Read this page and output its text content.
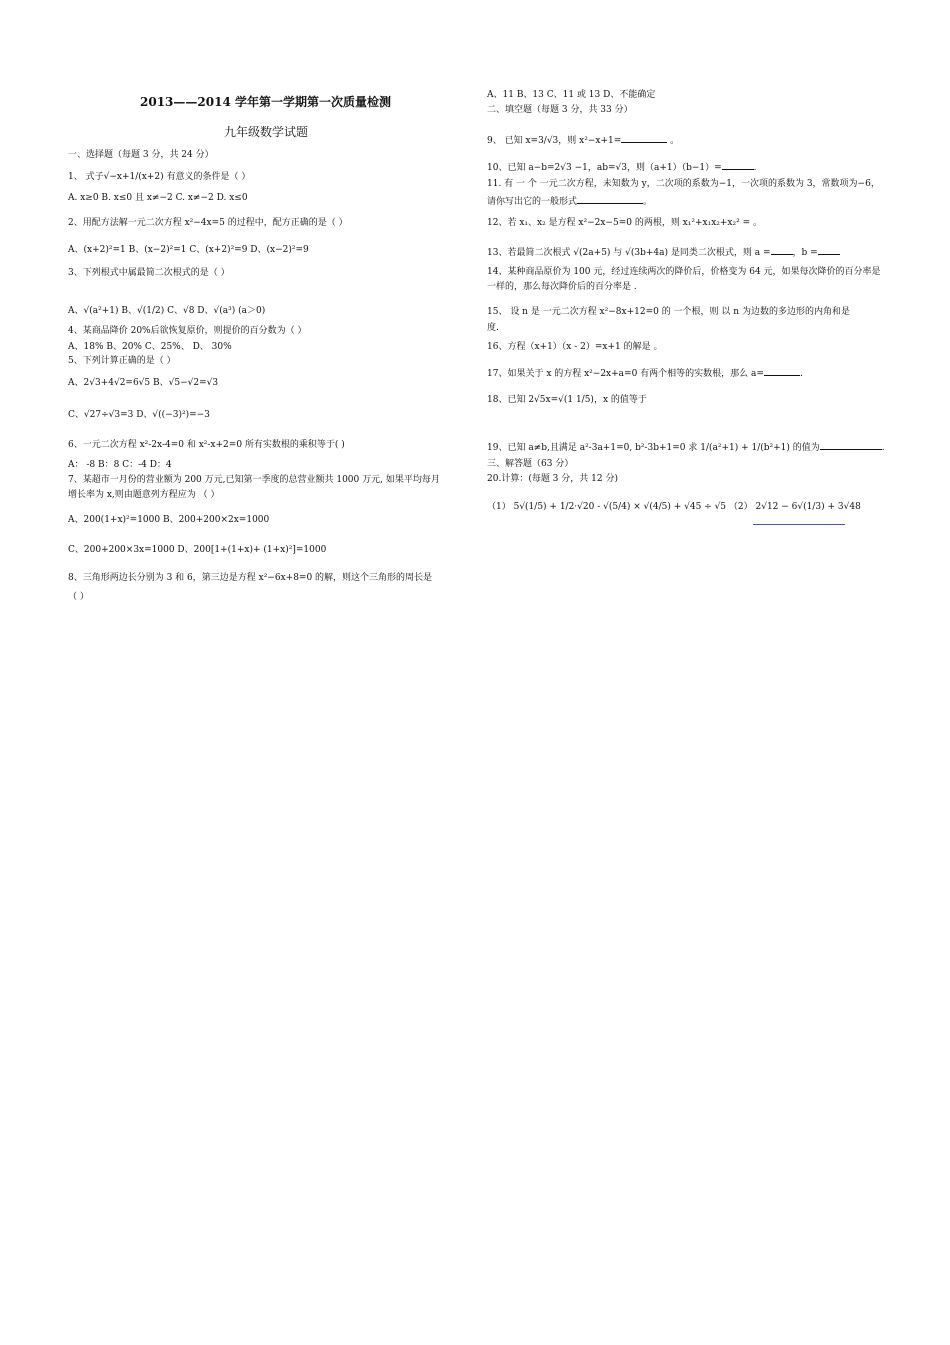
2013——2014 学年第一学期第一次质量检测
九年级数学试题
一、选择题（每题 3 分，共 24 分）
1、 式子√−x+1/(x+2) 有意义的条件是（ ）
A. x≥0 B. x≤0 且 x≠−2 C. x≠−2 D. x≤0
2、用配方法解一元二次方程 x²−4x=5 的过程中，配方正确的是（ ）
A、(x+2)²=1 B、(x−2)²=1 C、(x+2)²=9 D、(x−2)²=9
3、下列根式中属最简二次根式的是（ ）
A、√(a²+1) B、√(1/2) C、√8 D、√(a³) (a＞0)
4、某商品降价 20%后欲恢复原价，则提价的百分数为（ ）
A、18% B、20% C、25%、 D、 30%
5、下列计算正确的是（ ）
A、2√3+4√2=6√5 B、√5−√2=√3
C、√27÷√3=3 D、√((−3)²)=−3
6、一元二次方程 x²-2x-4=0 和 x²-x+2=0 所有实数根的乘积等于( )
A： -8 B：8 C：-4 D：4
7、某超市一月份的营业额为 200 万元,已知第一季度的总营业额共 1000 万元, 如果平均每月
增长率为 x,则由题意列方程应为 （ ）
A、200(1+x)²=1000 B、200+200×2x=1000
C、200+200×3x=1000 D、200[1+(1+x)+ (1+x)²]=1000
8、三角形两边长分别为 3 和 6，第三边是方程 x²−6x+8=0 的解，则这个三角形的周长是
（ ）
A、11 B、13 C、11 或 13 D、不能确定
二、填空题（每题 3 分，共 33 分）
9、 已知 x=3/√3，则 x²−x+1=	。
10、已知 a−b=2√3 −1，ab=√3，则（a+1）（b−1）=	.
11. 有 一 个 一元二次方程，未知数为 y，二次项的系数为−1，一次项的系数为 3，常数项为−6，
请你写出它的一般形式	。
12、若 x₁、x₂ 是方程 x²−2x−5=0 的两根，则 x₁²+x₁x₂+x₂² = 。
13、若最简二次根式 √(2a+5) 与 √(3b+4a) 是同类二次根式，则 a = ，b =
14、某种商品原价为 100 元，经过连续两次的降价后，价格变为 64 元，如果每次降价的百分率是
一样的，那么每次降价后的百分率是 .
15、 设 n 是 一元二次方程 x²−8x+12=0 的 一个根，则 以 n 为边数的多边形的内角和是
度.
16、方程（x+1）（x - 2）=x+1 的解是 。
17、如果关于 x 的方程 x²−2x+a=0 有两个相等的实数根，那么 a=	.
18、已知 2√5x=√(1 1/5)，x 的值等于
19、已知 a≠b,且满足 a²-3a+1=0, b²-3b+1=0 求 1/(a²+1) + 1/(b²+1) 的值为	.
三、解答题（63 分）
20.计算：(每题 3 分，共 12 分)
（1） 5√(1/5) + 1/2·√20 - √(5/4) × √(4/5) + √45 ÷ √5 （2） 2√12 − 6√(1/3) + 3√48
